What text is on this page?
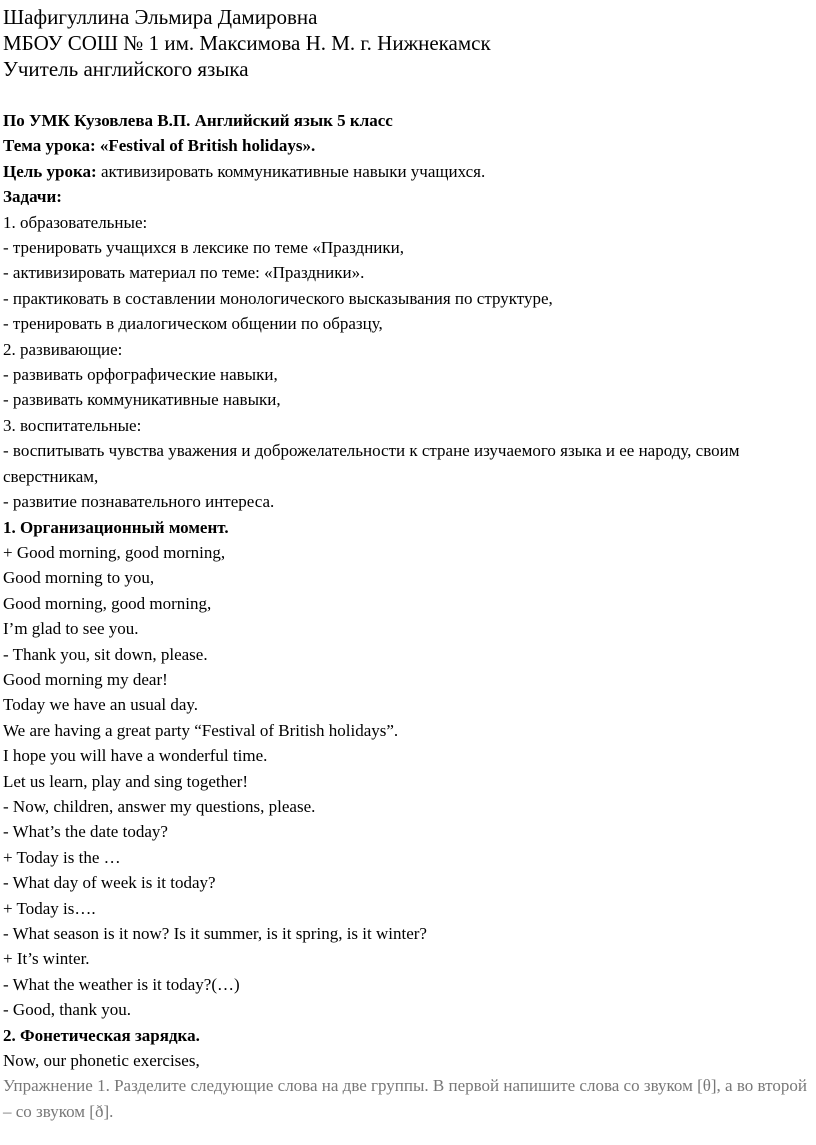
Шафигуллина Эльмира Дамировна

МБОУ СОШ № 1 им. Максимова Н. М. г. Нижнекамск

Учитель английского языка

По УМК Кузовлева В.П. Английский язык 5 класс

Тема урока: «Festival of British holidays».

Цель урока: активизировать коммуникативные навыки учащихся.

Задачи:

1. образовательные:

- тренировать учащихся в лексике по теме «Праздники,

- активизировать материал по теме: «Праздники».

- практиковать в составлении монологического высказывания по структуре,

- тренировать в диалогическом общении по образцу,

2. развивающие:

- развивать орфографические навыки,

- развивать коммуникативные навыки,

3. воспитательные:

- воспитывать чувства уважения и доброжелательности к стране изучаемого языка и ее народу, своим сверстникам,

- развитие познавательного интереса.

1. Организационный момент.

+ Good morning, good morning,

Good morning to you,

Good morning, good morning,

I’m glad to see you.

- Thank you, sit down, please.

Good morning my dear!

Today we have an usual day.

We are having a great party “Festival of British holidays”.

I hope you will have a wonderful time.

Let us learn, play and sing together!

- Now, children, answer my questions, please.

- What’s the date today?

+ Today is the …

- What day of week is it today?

+ Today is….

- What season is it now? Is it summer, is it spring, is it winter?

+ It’s winter.

- What the weather is it today?(…)

- Good, thank you.

2. Фонетическая зарядка.

Now, our phonetic exercises,

Упражнение 1. Разделите следующие слова на две группы. В первой напишите слова со звуком [θ], а во второй – со звуком [ð].
